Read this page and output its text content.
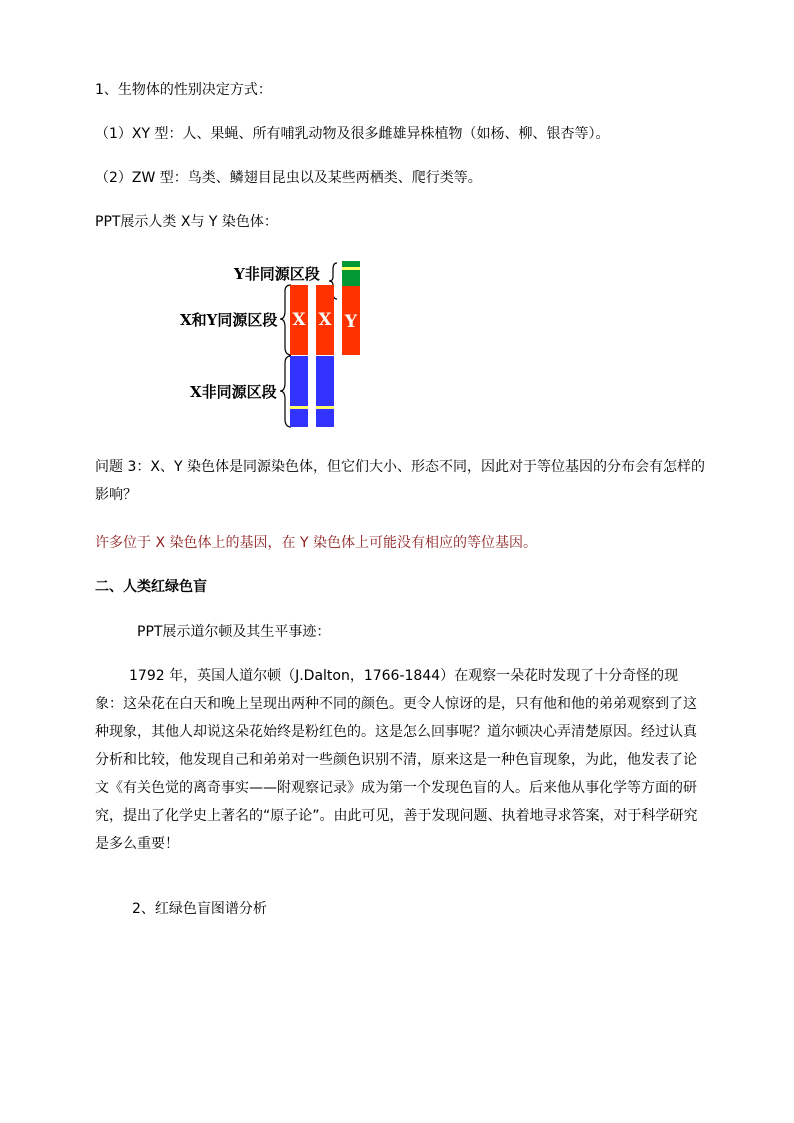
1、生物体的性别决定方式：
（1）XY 型：人、果蝇、所有哺乳动物及很多雌雄异株植物（如杨、柳、银杏等）。
（2）ZW 型：鸟类、鳞翅目昆虫以及某些两栖类、爬行类等。
PPT展示人类 X与 Y 染色体：
Y非同源区段
X和Y同源区段
X非同源区段
X X Y
问题 3：X、Y 染色体是同源染色体，但它们大小、形态不同，因此对于等位基因的分布会有怎样的影响？
许多位于 X 染色体上的基因，在 Y 染色体上可能没有相应的等位基因。
二、人类红绿色盲
PPT展示道尔顿及其生平事迹：
1792 年，英国人道尔顿（J.Dalton，1766-1844）在观察一朵花时发现了十分奇怪的现象：这朵花在白天和晚上呈现出两种不同的颜色。更令人惊讶的是，只有他和他的弟弟观察到了这种现象，其他人却说这朵花始终是粉红色的。这是怎么回事呢？道尔顿决心弄清楚原因。经过认真分析和比较，他发现自己和弟弟对一些颜色识别不清，原来这是一种色盲现象，为此，他发表了论文《有关色觉的离奇事实——附观察记录》成为第一个发现色盲的人。后来他从事化学等方面的研究，提出了化学史上著名的“原子论”。由此可见，善于发现问题、执着地寻求答案，对于科学研究是多么重要！
2、红绿色盲图谱分析
